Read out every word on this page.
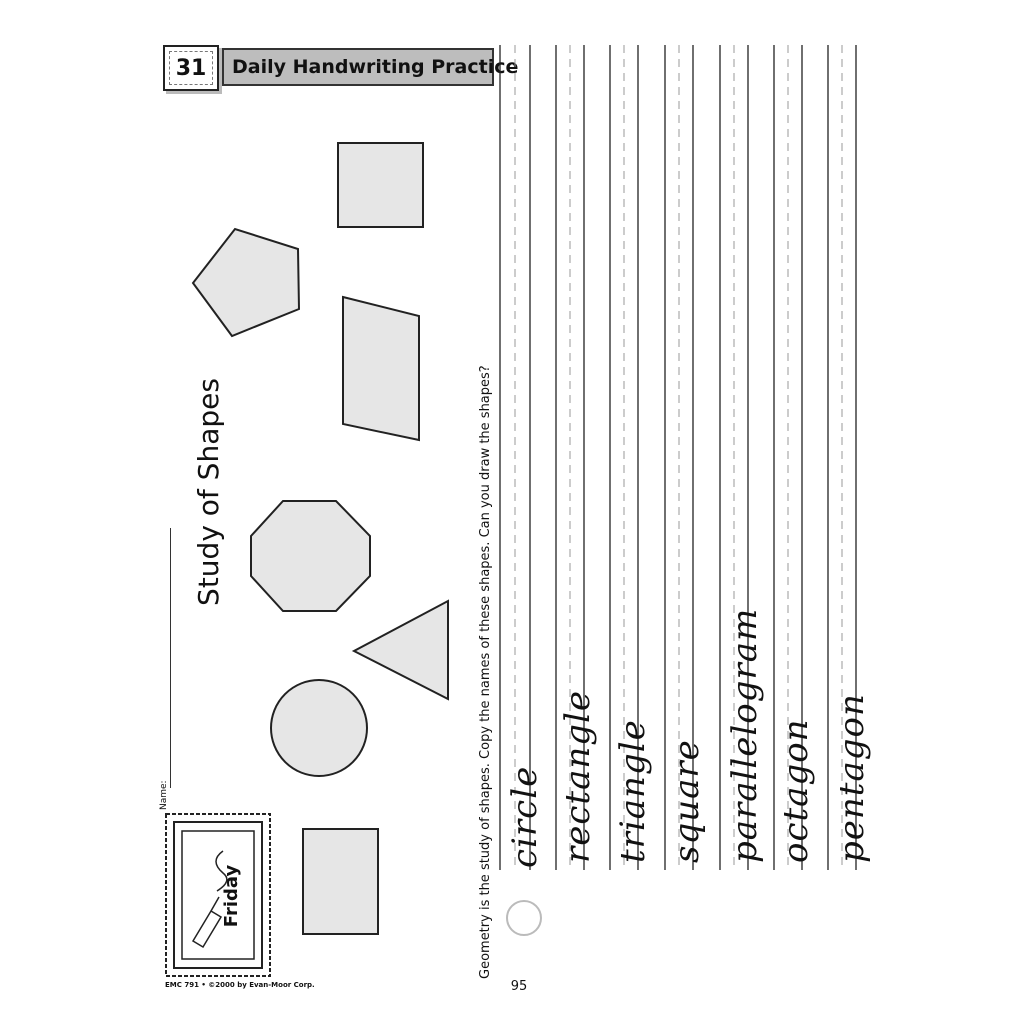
31 Daily Handwriting Practice
Study of Shapes
Name:
Friday	Geometry is the study of shapes. Copy the names of these shapes. Can you draw the shapes? circle rectangle triangle square parallelogram octagon pentagon
EMC 791 • ©2000 by Evan-Moor Corp.	95
